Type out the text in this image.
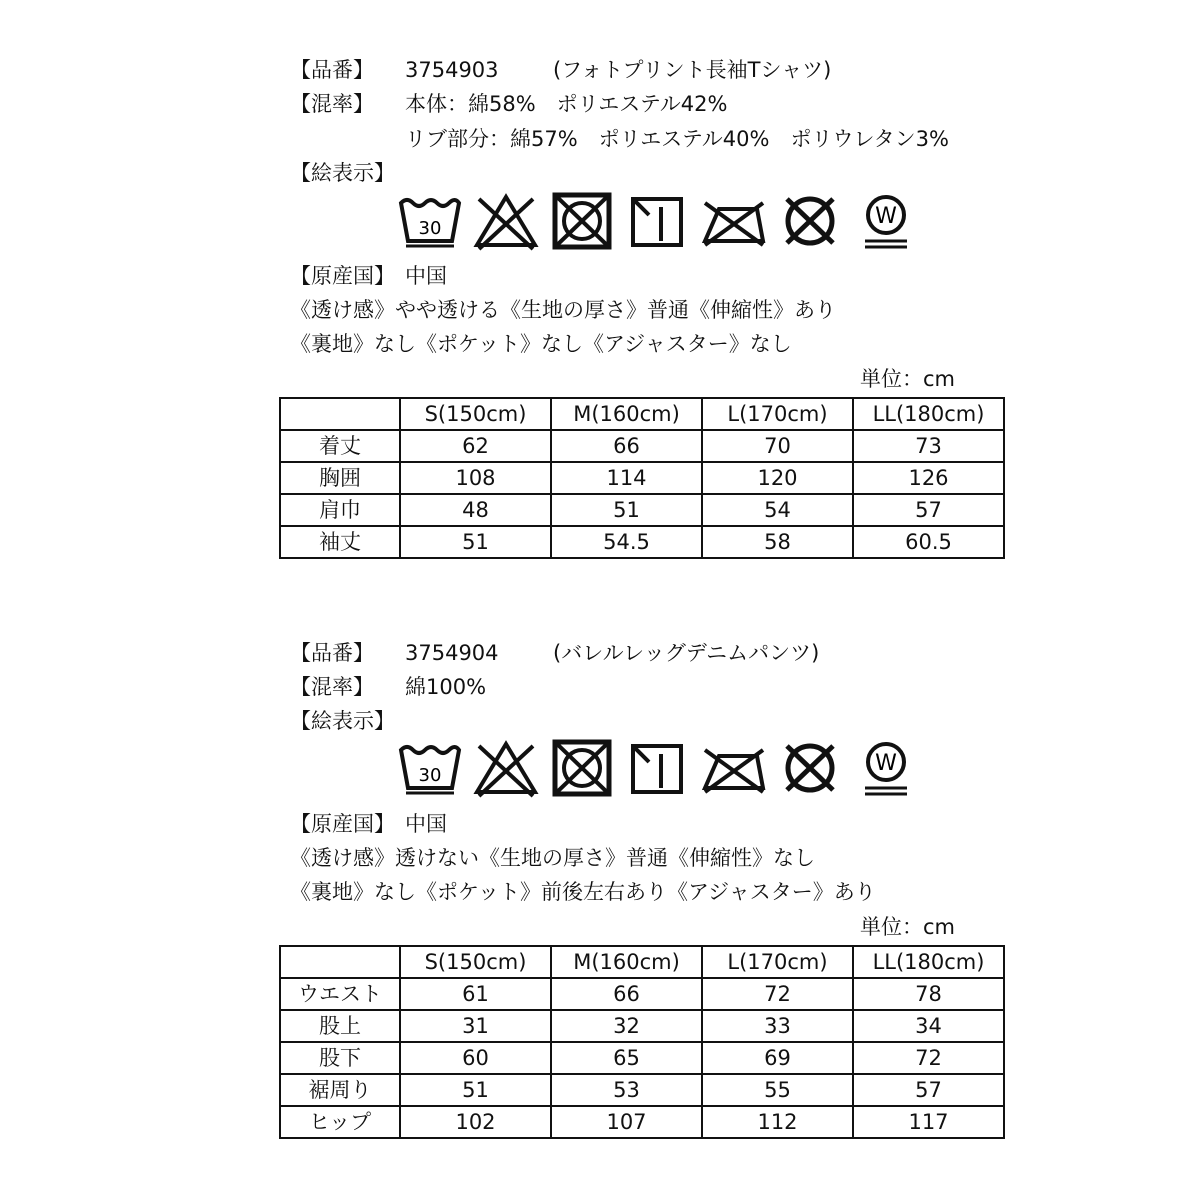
【品番】 3754903	(フォトプリント長袖Tシャツ)
【混率】 本体：綿58%　ポリエステル42%
リブ部分：綿57%　ポリエステル40%　ポリウレタン3%
【絵表示】
30	W
【原産国】 中国
《透け感》やや透ける《生地の厚さ》普通《伸縮性》あり
《裏地》なし《ポケット》なし《アジャスター》なし
単位：cm
	S(150cm)	M(160cm)	L(170cm)	LL(180cm)
着丈	62	66	70	73
胸囲	108	114	120	126
肩巾	48	51	54	57
袖丈	51	54.5	58	60.5
【品番】 3754904	(バレルレッグデニムパンツ)
【混率】 綿100%
【絵表示】
30	W
【原産国】 中国
《透け感》透けない《生地の厚さ》普通《伸縮性》なし
《裏地》なし《ポケット》前後左右あり《アジャスター》あり
単位：cm
	S(150cm)	M(160cm)	L(170cm)	LL(180cm)
ウエスト	61	66	72	78
股上	31	32	33	34
股下	60	65	69	72
裾周り	51	53	55	57
ヒップ	102	107	112	117
